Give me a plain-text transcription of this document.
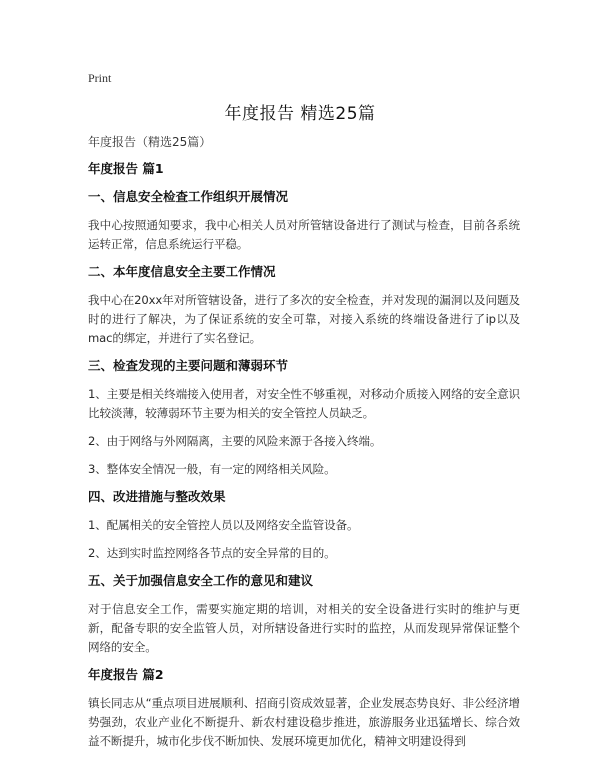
Print
年度报告 精选25篇
年度报告（精选25篇）
年度报告 篇1
一、信息安全检查工作组织开展情况
我中心按照通知要求，我中心相关人员对所管辖设备进行了测试与检查，目前各系统运转正常，信息系统运行平稳。
二、本年度信息安全主要工作情况
我中心在20xx年对所管辖设备，进行了多次的安全检查，并对发现的漏洞以及问题及时的进行了解决，为了保证系统的安全可靠，对接入系统的终端设备进行了ip以及mac的绑定，并进行了实名登记。
三、检查发现的主要问题和薄弱环节
1、主要是相关终端接入使用者，对安全性不够重视，对移动介质接入网络的安全意识比较淡薄，较薄弱环节主要为相关的安全管控人员缺乏。
2、由于网络与外网隔离，主要的风险来源于各接入终端。
3、整体安全情况一般，有一定的网络相关风险。
四、改进措施与整改效果
1、配属相关的安全管控人员以及网络安全监管设备。
2、达到实时监控网络各节点的安全异常的目的。
五、关于加强信息安全工作的意见和建议
对于信息安全工作，需要实施定期的培训，对相关的安全设备进行实时的维护与更新，配备专职的安全监管人员，对所辖设备进行实时的监控，从而发现异常保证整个网络的安全。
年度报告 篇2
镇长同志从“重点项目进展顺利、招商引资成效显著，企业发展态势良好、非公经济增势强劲，农业产业化不断提升、新农村建设稳步推进，旅游服务业迅猛增长、综合效益不断提升，城市化步伐不断加快、发展环境更加优化，精神文明建设得到
